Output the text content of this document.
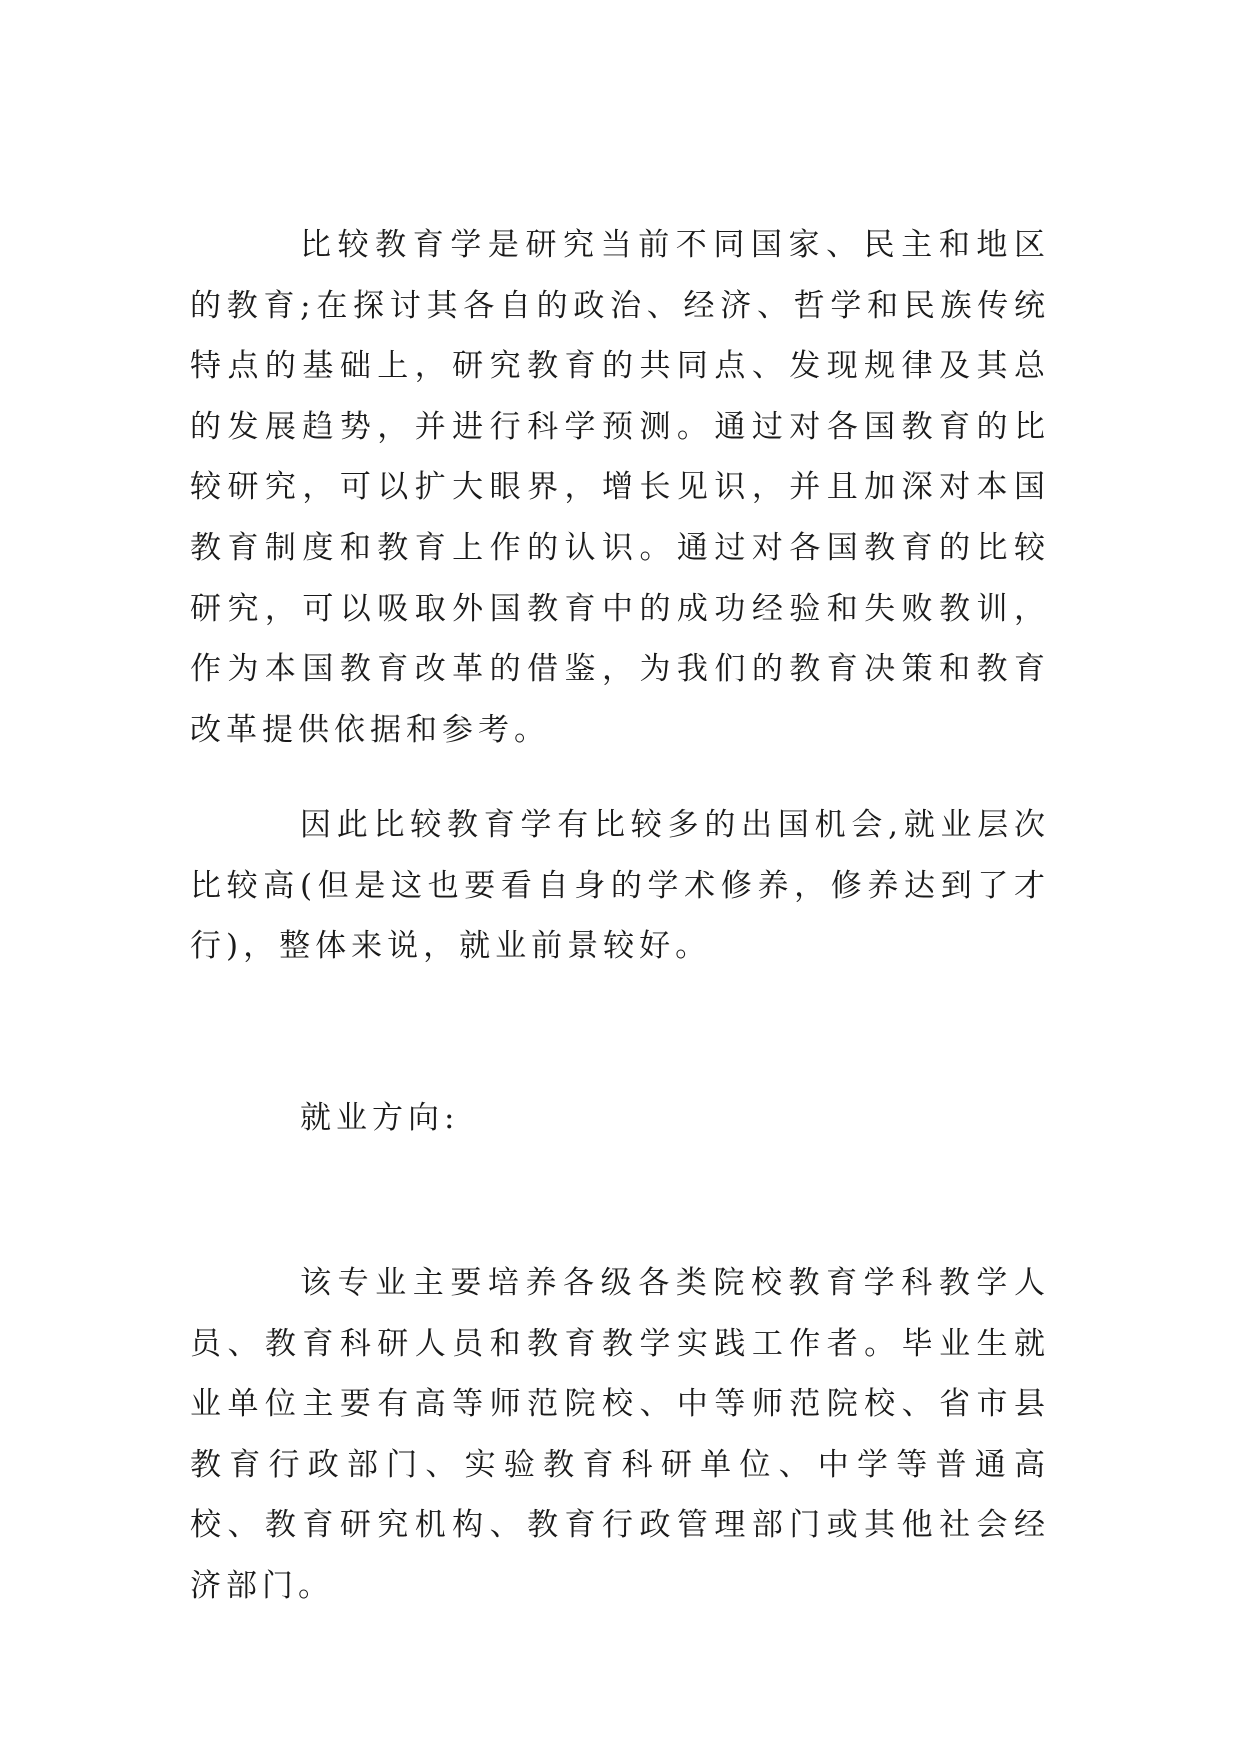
比较教育学是研究当前不同国家、民主和地区的教育;在探讨其各自的政治、经济、哲学和民族传统特点的基础上，研究教育的共同点、发现规律及其总的发展趋势，并进行科学预测。通过对各国教育的比较研究，可以扩大眼界，增长见识，并且加深对本国教育制度和教育上作的认识。通过对各国教育的比较研究，可以吸取外国教育中的成功经验和失败教训，作为本国教育改革的借鉴，为我们的教育决策和教育改革提供依据和参考。

因此比较教育学有比较多的出国机会,就业层次比较高(但是这也要看自身的学术修养，修养达到了才行)，整体来说，就业前景较好。

就业方向:

该专业主要培养各级各类院校教育学科教学人员、教育科研人员和教育教学实践工作者。毕业生就业单位主要有高等师范院校、中等师范院校、省市县教育行政部门、实验教育科研单位、中学等普通高校、教育研究机构、教育行政管理部门或其他社会经济部门。
